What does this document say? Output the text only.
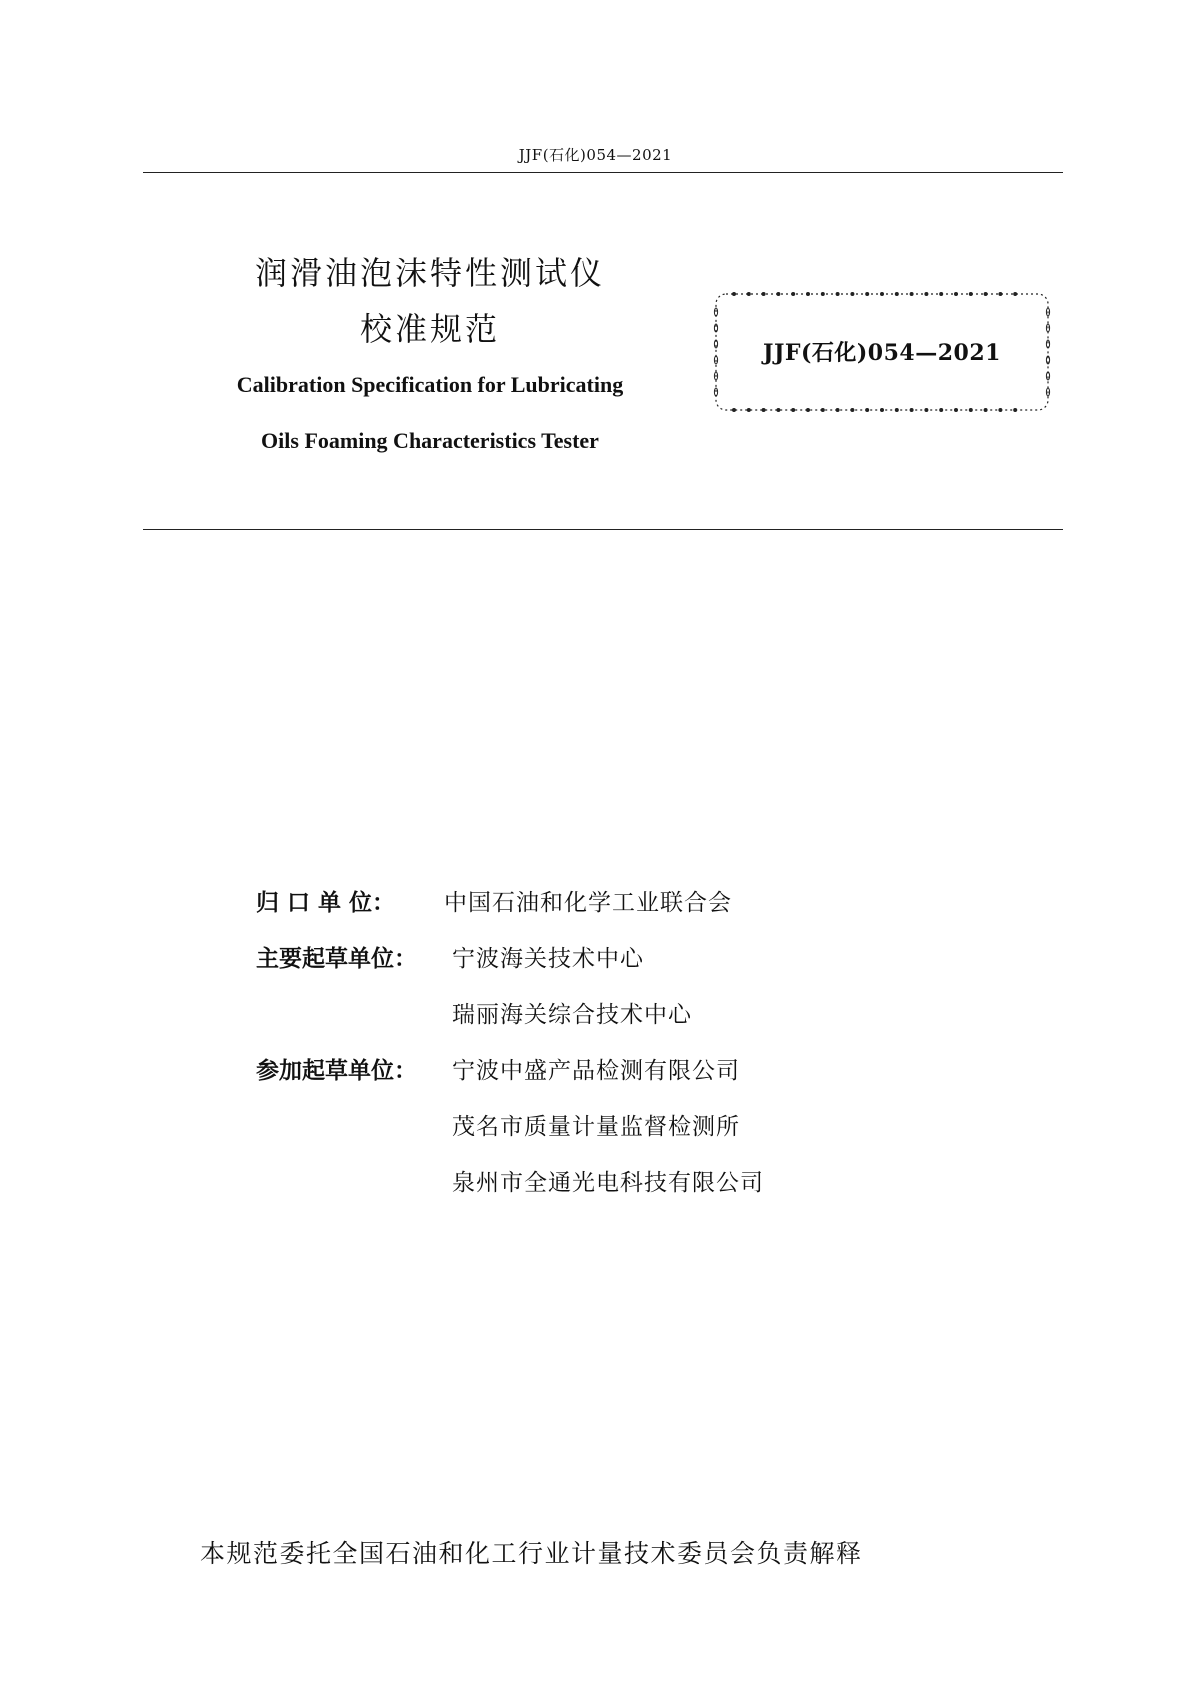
JJF(石化)054—2021
润滑油泡沫特性测试仪
校准规范
Calibration Specification for Lubricating
Oils Foaming Characteristics Tester
JJF(石化)054—2021
归 口 单 位：	中国石油和化学工业联合会
主要起草单位：	宁波海关技术中心
瑞丽海关综合技术中心
参加起草单位：	宁波中盛产品检测有限公司
茂名市质量计量监督检测所
泉州市全通光电科技有限公司
本规范委托全国石油和化工行业计量技术委员会负责解释
